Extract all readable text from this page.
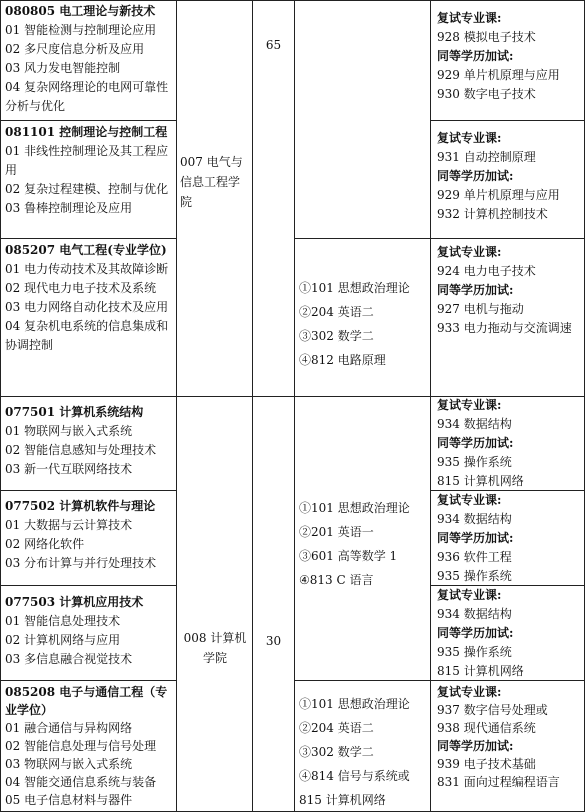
080805 电工理论与新技术
01 智能检测与控制理论应用
02 多尺度信息分析及应用
03 风力发电智能控制
04 复杂网络理论的电网可靠性分析与优化
081101 控制理论与控制工程
01 非线性控制理论及其工程应用
02 复杂过程建模、控制与优化
03 鲁棒控制理论及应用
085207 电气工程(专业学位)
01 电力传动技术及其故障诊断
02 现代电力电子技术及系统
03 电力网络自动化技术及应用
04 复杂机电系统的信息集成和协调控制
077501 计算机系统结构
01 物联网与嵌入式系统
02 智能信息感知与处理技术
03 新一代互联网络技术
077502 计算机软件与理论
01 大数据与云计算技术
02 网络化软件
03 分布计算与并行处理技术
077503 计算机应用技术
01 智能信息处理技术
02 计算机网络与应用
03 多信息融合视觉技术
085208 电子与通信工程（专业学位）
01 融合通信与异构网络
02 智能信息处理与信号处理
03 物联网与嵌入式系统
04 智能交通信息系统与装备
05 电子信息材料与器件
007 电气与信息工程学院
008 计算机学院
65
30
①101 思想政治理论
②204 英语二
③302 数学二
④812 电路原理
①101 思想政治理论
②201 英语一
③601 高等数学 1
④813 C 语言
①101 思想政治理论
②204 英语二
③302 数学二
④814 信号与系统或815 计算机网络
复试专业课:
928 模拟电子技术
同等学历加试:
929 单片机原理与应用
930 数字电子技术
复试专业课:
931 自动控制原理
同等学历加试:
929 单片机原理与应用
932 计算机控制技术
复试专业课:
924 电力电子技术
同等学历加试:
927 电机与拖动
933 电力拖动与交流调速
复试专业课:
934 数据结构
同等学历加试:
935 操作系统
815 计算机网络
复试专业课:
934 数据结构
同等学历加试:
936 软件工程
935 操作系统
复试专业课:
934 数据结构
同等学历加试:
935 操作系统
815 计算机网络
复试专业课:
937 数字信号处理或
938 现代通信系统
同等学历加试:
939 电子技术基础
831 面向过程编程语言
